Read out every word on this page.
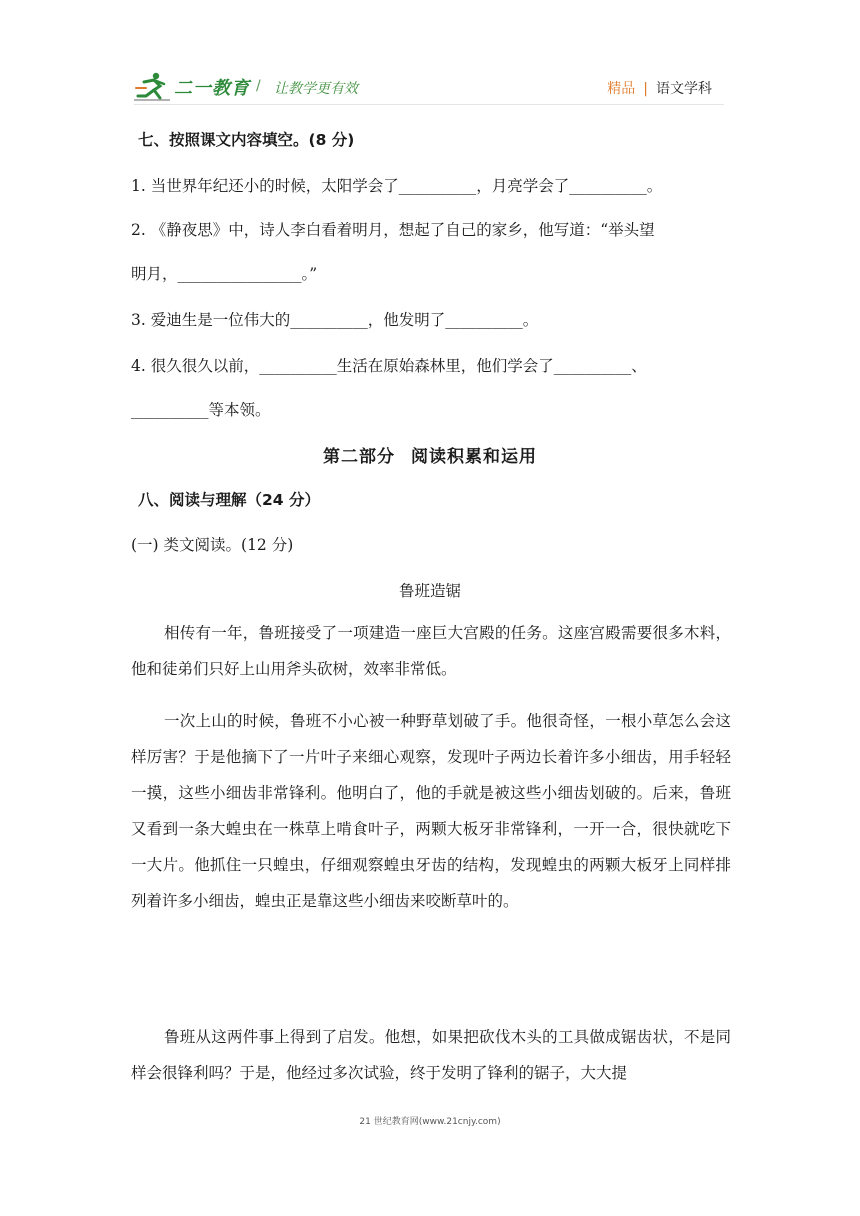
二一教育 / 让教学更有效	精品 | 语文学科
七、按照课文内容填空。(8 分)
1. 当世界年纪还小的时候，太阳学会了__________，月亮学会了__________。
2. 《静夜思》中，诗人李白看着明月，想起了自己的家乡，他写道：“举头望
明月，________________。”
3. 爱迪生是一位伟大的__________，他发明了__________。
4. 很久很久以前，__________生活在原始森林里，他们学会了__________、
__________等本领。
第二部分 阅读积累和运用
八、阅读与理解（24 分）
(一) 类文阅读。(12 分)
鲁班造锯
相传有一年，鲁班接受了一项建造一座巨大宫殿的任务。这座宫殿需要很多木料，他和徒弟们只好上山用斧头砍树，效率非常低。
一次上山的时候，鲁班不小心被一种野草划破了手。他很奇怪，一根小草怎么会这样厉害？于是他摘下了一片叶子来细心观察，发现叶子两边长着许多小细齿，用手轻轻一摸，这些小细齿非常锋利。他明白了，他的手就是被这些小细齿划破的。后来，鲁班又看到一条大蝗虫在一株草上啃食叶子，两颗大板牙非常锋利，一开一合，很快就吃下一大片。他抓住一只蝗虫，仔细观察蝗虫牙齿的结构，发现蝗虫的两颗大板牙上同样排列着许多小细齿，蝗虫正是靠这些小细齿来咬断草叶的。
鲁班从这两件事上得到了启发。他想，如果把砍伐木头的工具做成锯齿状，不是同样会很锋利吗？于是，他经过多次试验，终于发明了锋利的锯子，大大提
21 世纪教育网(www.21cnjy.com)
